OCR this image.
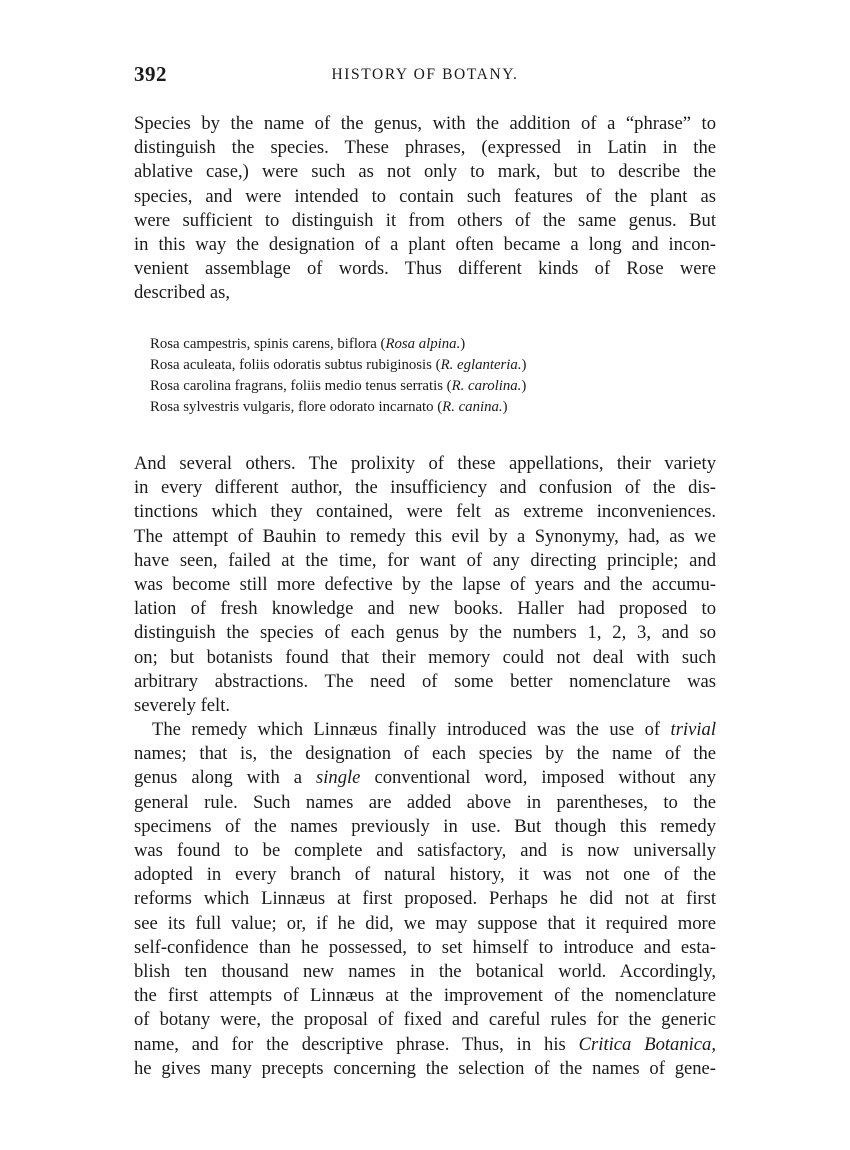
392	HISTORY OF BOTANY.
Species by the name of the genus, with the addition of a “phrase” to
distinguish the species. These phrases, (expressed in Latin in the
ablative case,) were such as not only to mark, but to describe the
species, and were intended to contain such features of the plant as
were sufficient to distinguish it from others of the same genus. But
in this way the designation of a plant often became a long and incon-
venient assemblage of words. Thus different kinds of Rose were
described as,
Rosa campestris, spinis carens, biflora (Rosa alpina.)
Rosa aculeata, foliis odoratis subtus rubiginosis (R. eglanteria.)
Rosa carolina fragrans, foliis medio tenus serratis (R. carolina.)
Rosa sylvestris vulgaris, flore odorato incarnato (R. canina.)
And several others. The prolixity of these appellations, their variety
in every different author, the insufficiency and confusion of the dis-
tinctions which they contained, were felt as extreme inconveniences.
The attempt of Bauhin to remedy this evil by a Synonymy, had, as we
have seen, failed at the time, for want of any directing principle; and
was become still more defective by the lapse of years and the accumu-
lation of fresh knowledge and new books. Haller had proposed to
distinguish the species of each genus by the numbers 1, 2, 3, and so
on; but botanists found that their memory could not deal with such
arbitrary abstractions. The need of some better nomenclature was
severely felt.
The remedy which Linnæus finally introduced was the use of trivial
names; that is, the designation of each species by the name of the
genus along with a single conventional word, imposed without any
general rule. Such names are added above in parentheses, to the
specimens of the names previously in use. But though this remedy
was found to be complete and satisfactory, and is now universally
adopted in every branch of natural history, it was not one of the
reforms which Linnæus at first proposed. Perhaps he did not at first
see its full value; or, if he did, we may suppose that it required more
self-confidence than he possessed, to set himself to introduce and esta-
blish ten thousand new names in the botanical world. Accordingly,
the first attempts of Linnæus at the improvement of the nomenclature
of botany were, the proposal of fixed and careful rules for the generic
name, and for the descriptive phrase. Thus, in his Critica Botanica,
he gives many precepts concerning the selection of the names of gene-
